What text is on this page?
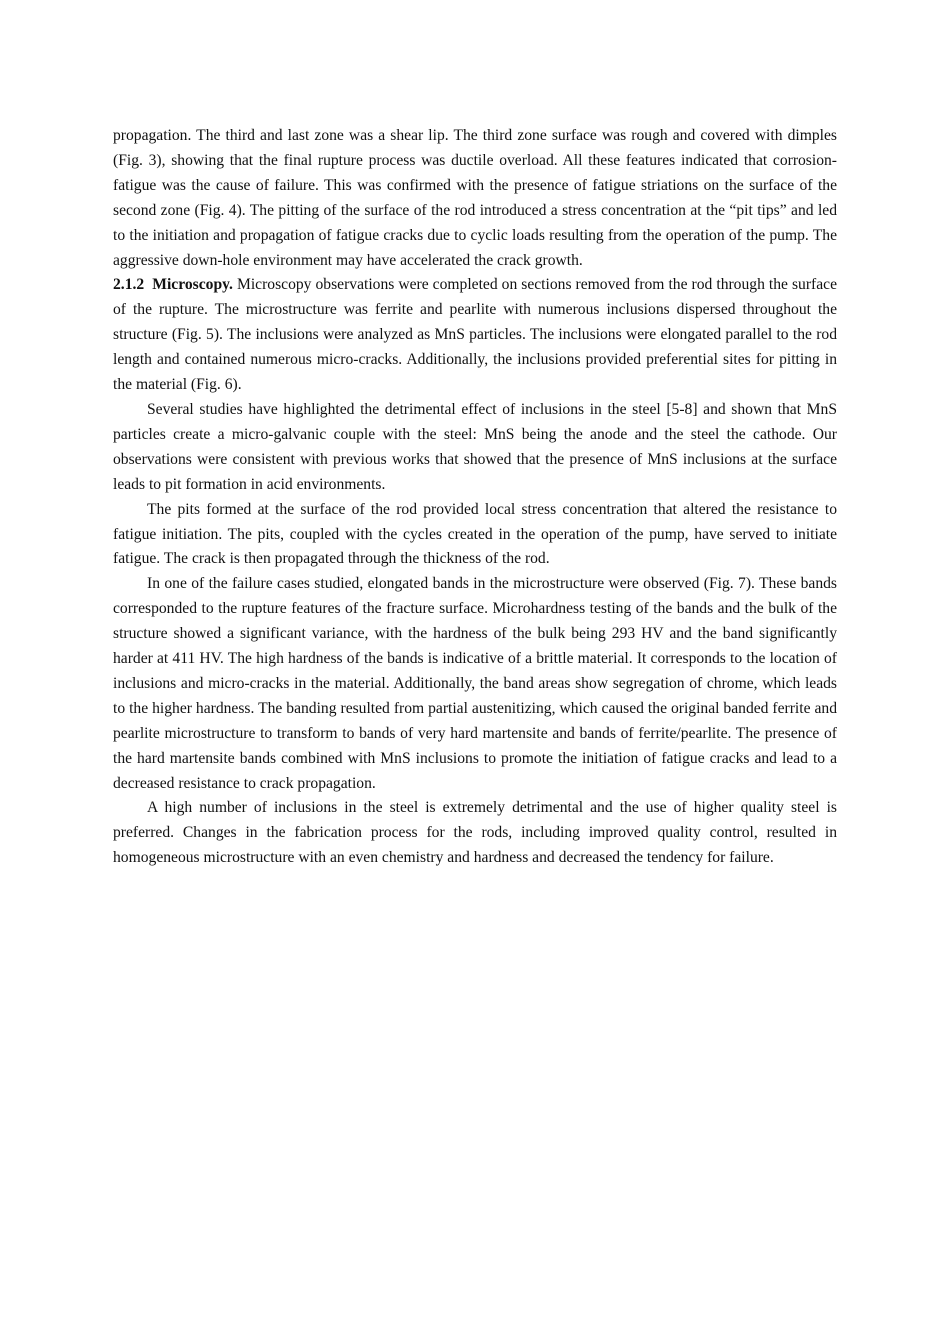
propagation. The third and last zone was a shear lip. The third zone surface was rough and covered with dimples (Fig. 3), showing that the final rupture process was ductile overload. All these features indicated that corrosion-fatigue was the cause of failure. This was confirmed with the presence of fatigue striations on the surface of the second zone (Fig. 4). The pitting of the surface of the rod introduced a stress concentration at the “pit tips” and led to the initiation and propagation of fatigue cracks due to cyclic loads resulting from the operation of the pump. The aggressive down-hole environment may have accelerated the crack growth.

2.1.2  Microscopy. Microscopy observations were completed on sections removed from the rod through the surface of the rupture. The microstructure was ferrite and pearlite with numerous inclusions dispersed throughout the structure (Fig. 5). The inclusions were analyzed as MnS particles. The inclusions were elongated parallel to the rod length and contained numerous micro-cracks. Additionally, the inclusions provided preferential sites for pitting in the material (Fig. 6).

Several studies have highlighted the detrimental effect of inclusions in the steel [5-8] and shown that MnS particles create a micro-galvanic couple with the steel: MnS being the anode and the steel the cathode. Our observations were consistent with previous works that showed that the presence of MnS inclusions at the surface leads to pit formation in acid environments.

The pits formed at the surface of the rod provided local stress concentration that altered the resistance to fatigue initiation. The pits, coupled with the cycles created in the operation of the pump, have served to initiate fatigue. The crack is then propagated through the thickness of the rod.

In one of the failure cases studied, elongated bands in the microstructure were observed (Fig. 7). These bands corresponded to the rupture features of the fracture surface. Microhardness testing of the bands and the bulk of the structure showed a significant variance, with the hardness of the bulk being 293 HV and the band significantly harder at 411 HV. The high hardness of the bands is indicative of a brittle material. It corresponds to the location of inclusions and micro-cracks in the material. Additionally, the band areas show segregation of chrome, which leads to the higher hardness. The banding resulted from partial austenitizing, which caused the original banded ferrite and pearlite microstructure to transform to bands of very hard martensite and bands of ferrite/pearlite. The presence of the hard martensite bands combined with MnS inclusions to promote the initiation of fatigue cracks and lead to a decreased resistance to crack propagation.

A high number of inclusions in the steel is extremely detrimental and the use of higher quality steel is preferred. Changes in the fabrication process for the rods, including improved quality control, resulted in homogeneous microstructure with an even chemistry and hardness and decreased the tendency for failure.
